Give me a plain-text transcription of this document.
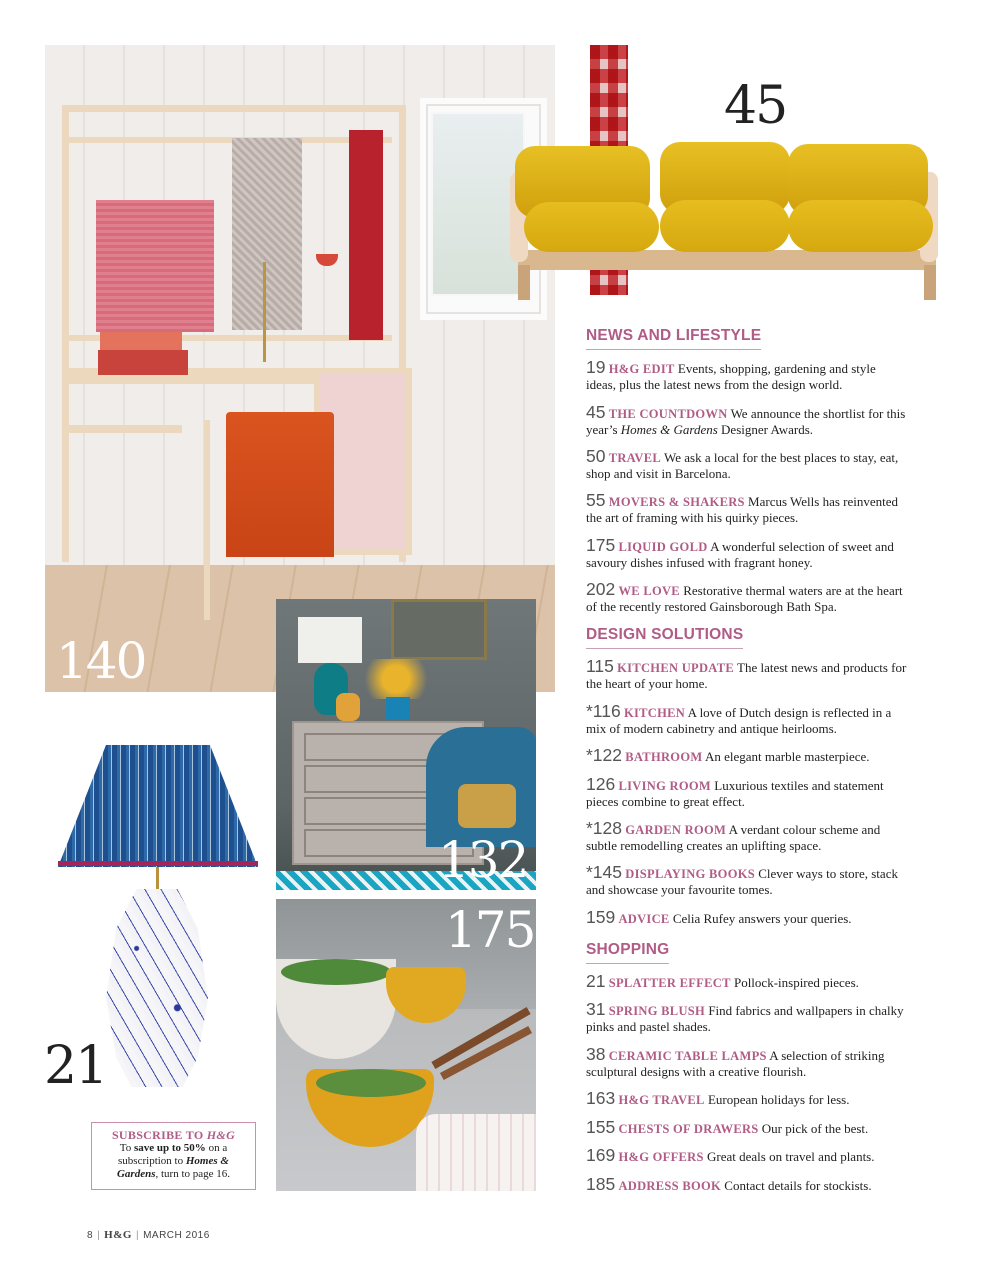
140
45
132
175
21
SUBSCRIBE TO H&G
To save up to 50% on a
subscription to Homes &
Gardens, turn to page 16.
NEWS AND LIFESTYLE
19 H&G EDIT Events, shopping, gardening and style ideas, plus the latest news from the design world.
45 THE COUNTDOWN We announce the shortlist for this year’s Homes & Gardens Designer Awards.
50 TRAVEL We ask a local for the best places to stay, eat, shop and visit in Barcelona.
55 MOVERS & SHAKERS Marcus Wells has reinvented the art of framing with his quirky pieces.
175 LIQUID GOLD A wonderful selection of sweet and savoury dishes infused with fragrant honey.
202 WE LOVE Restorative thermal waters are at the heart of the recently restored Gainsborough Bath Spa.
DESIGN SOLUTIONS
115 KITCHEN UPDATE The latest news and products for the heart of your home.
*116 KITCHEN A love of Dutch design is reflected in a mix of modern cabinetry and antique heirlooms.
*122 BATHROOM An elegant marble masterpiece.
126 LIVING ROOM Luxurious textiles and statement pieces combine to great effect.
*128 GARDEN ROOM A verdant colour scheme and subtle remodelling creates an uplifting space.
*145 DISPLAYING BOOKS Clever ways to store, stack and showcase your favourite tomes.
159 ADVICE Celia Rufey answers your queries.
SHOPPING
21 SPLATTER EFFECT Pollock-inspired pieces.
31 SPRING BLUSH Find fabrics and wallpapers in chalky pinks and pastel shades.
38 CERAMIC TABLE LAMPS A selection of striking sculptural designs with a creative flourish.
163 H&G TRAVEL European holidays for less.
155 CHESTS OF DRAWERS Our pick of the best.
169 H&G OFFERS Great deals on travel and plants.
185 ADDRESS BOOK Contact details for stockists.
8 | H&G | MARCH 2016
